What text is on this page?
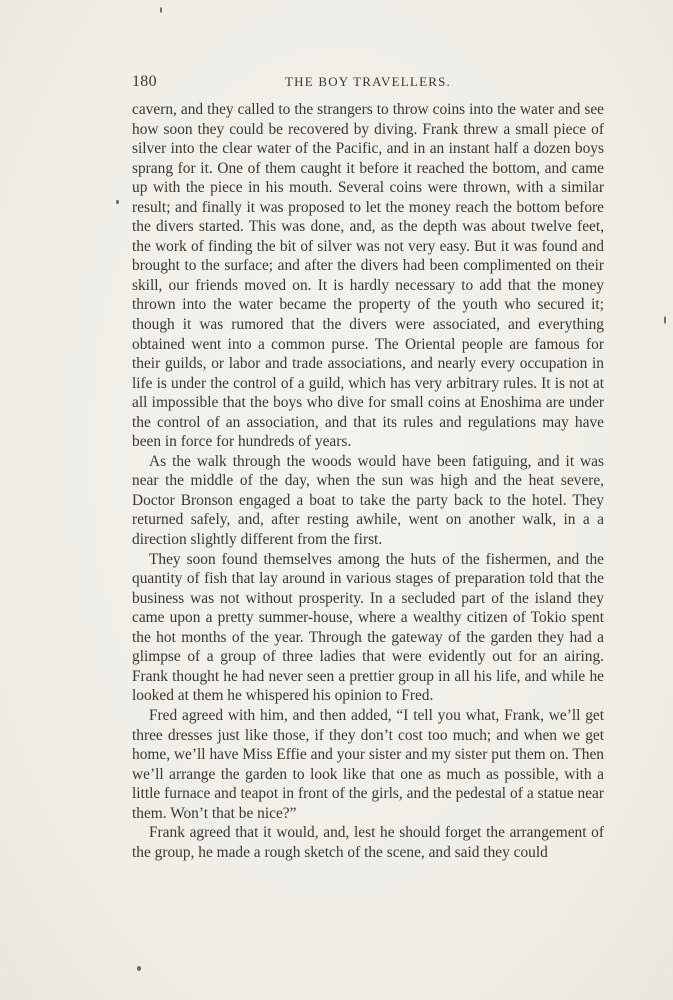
180	THE BOY TRAVELLERS.

cavern, and they called to the strangers to throw coins into the water and see how soon they could be recovered by diving. Frank threw a small piece of silver into the clear water of the Pacific, and in an instant half a dozen boys sprang for it. One of them caught it before it reached the bottom, and came up with the piece in his mouth. Several coins were thrown, with a similar result; and finally it was proposed to let the money reach the bottom before the divers started. This was done, and, as the depth was about twelve feet, the work of finding the bit of silver was not very easy. But it was found and brought to the surface; and after the divers had been complimented on their skill, our friends moved on. It is hardly necessary to add that the money thrown into the water became the property of the youth who secured it; though it was rumored that the divers were associated, and everything obtained went into a common purse. The Oriental people are famous for their guilds, or labor and trade associations, and nearly every occupation in life is under the control of a guild, which has very arbitrary rules. It is not at all impossible that the boys who dive for small coins at Enoshima are under the control of an association, and that its rules and regulations may have been in force for hundreds of years.

As the walk through the woods would have been fatiguing, and it was near the middle of the day, when the sun was high and the heat severe, Doctor Bronson engaged a boat to take the party back to the hotel. They returned safely, and, after resting awhile, went on another walk, in a a direction slightly different from the first.

They soon found themselves among the huts of the fishermen, and the quantity of fish that lay around in various stages of preparation told that the business was not without prosperity. In a secluded part of the island they came upon a pretty summer-house, where a wealthy citizen of Tokio spent the hot months of the year. Through the gateway of the garden they had a glimpse of a group of three ladies that were evidently out for an airing. Frank thought he had never seen a prettier group in all his life, and while he looked at them he whispered his opinion to Fred.

Fred agreed with him, and then added, “I tell you what, Frank, we’ll get three dresses just like those, if they don’t cost too much; and when we get home, we’ll have Miss Effie and your sister and my sister put them on. Then we’ll arrange the garden to look like that one as much as possible, with a little furnace and teapot in front of the girls, and the pedestal of a statue near them. Won’t that be nice?”

Frank agreed that it would, and, lest he should forget the arrangement of the group, he made a rough sketch of the scene, and said they could
